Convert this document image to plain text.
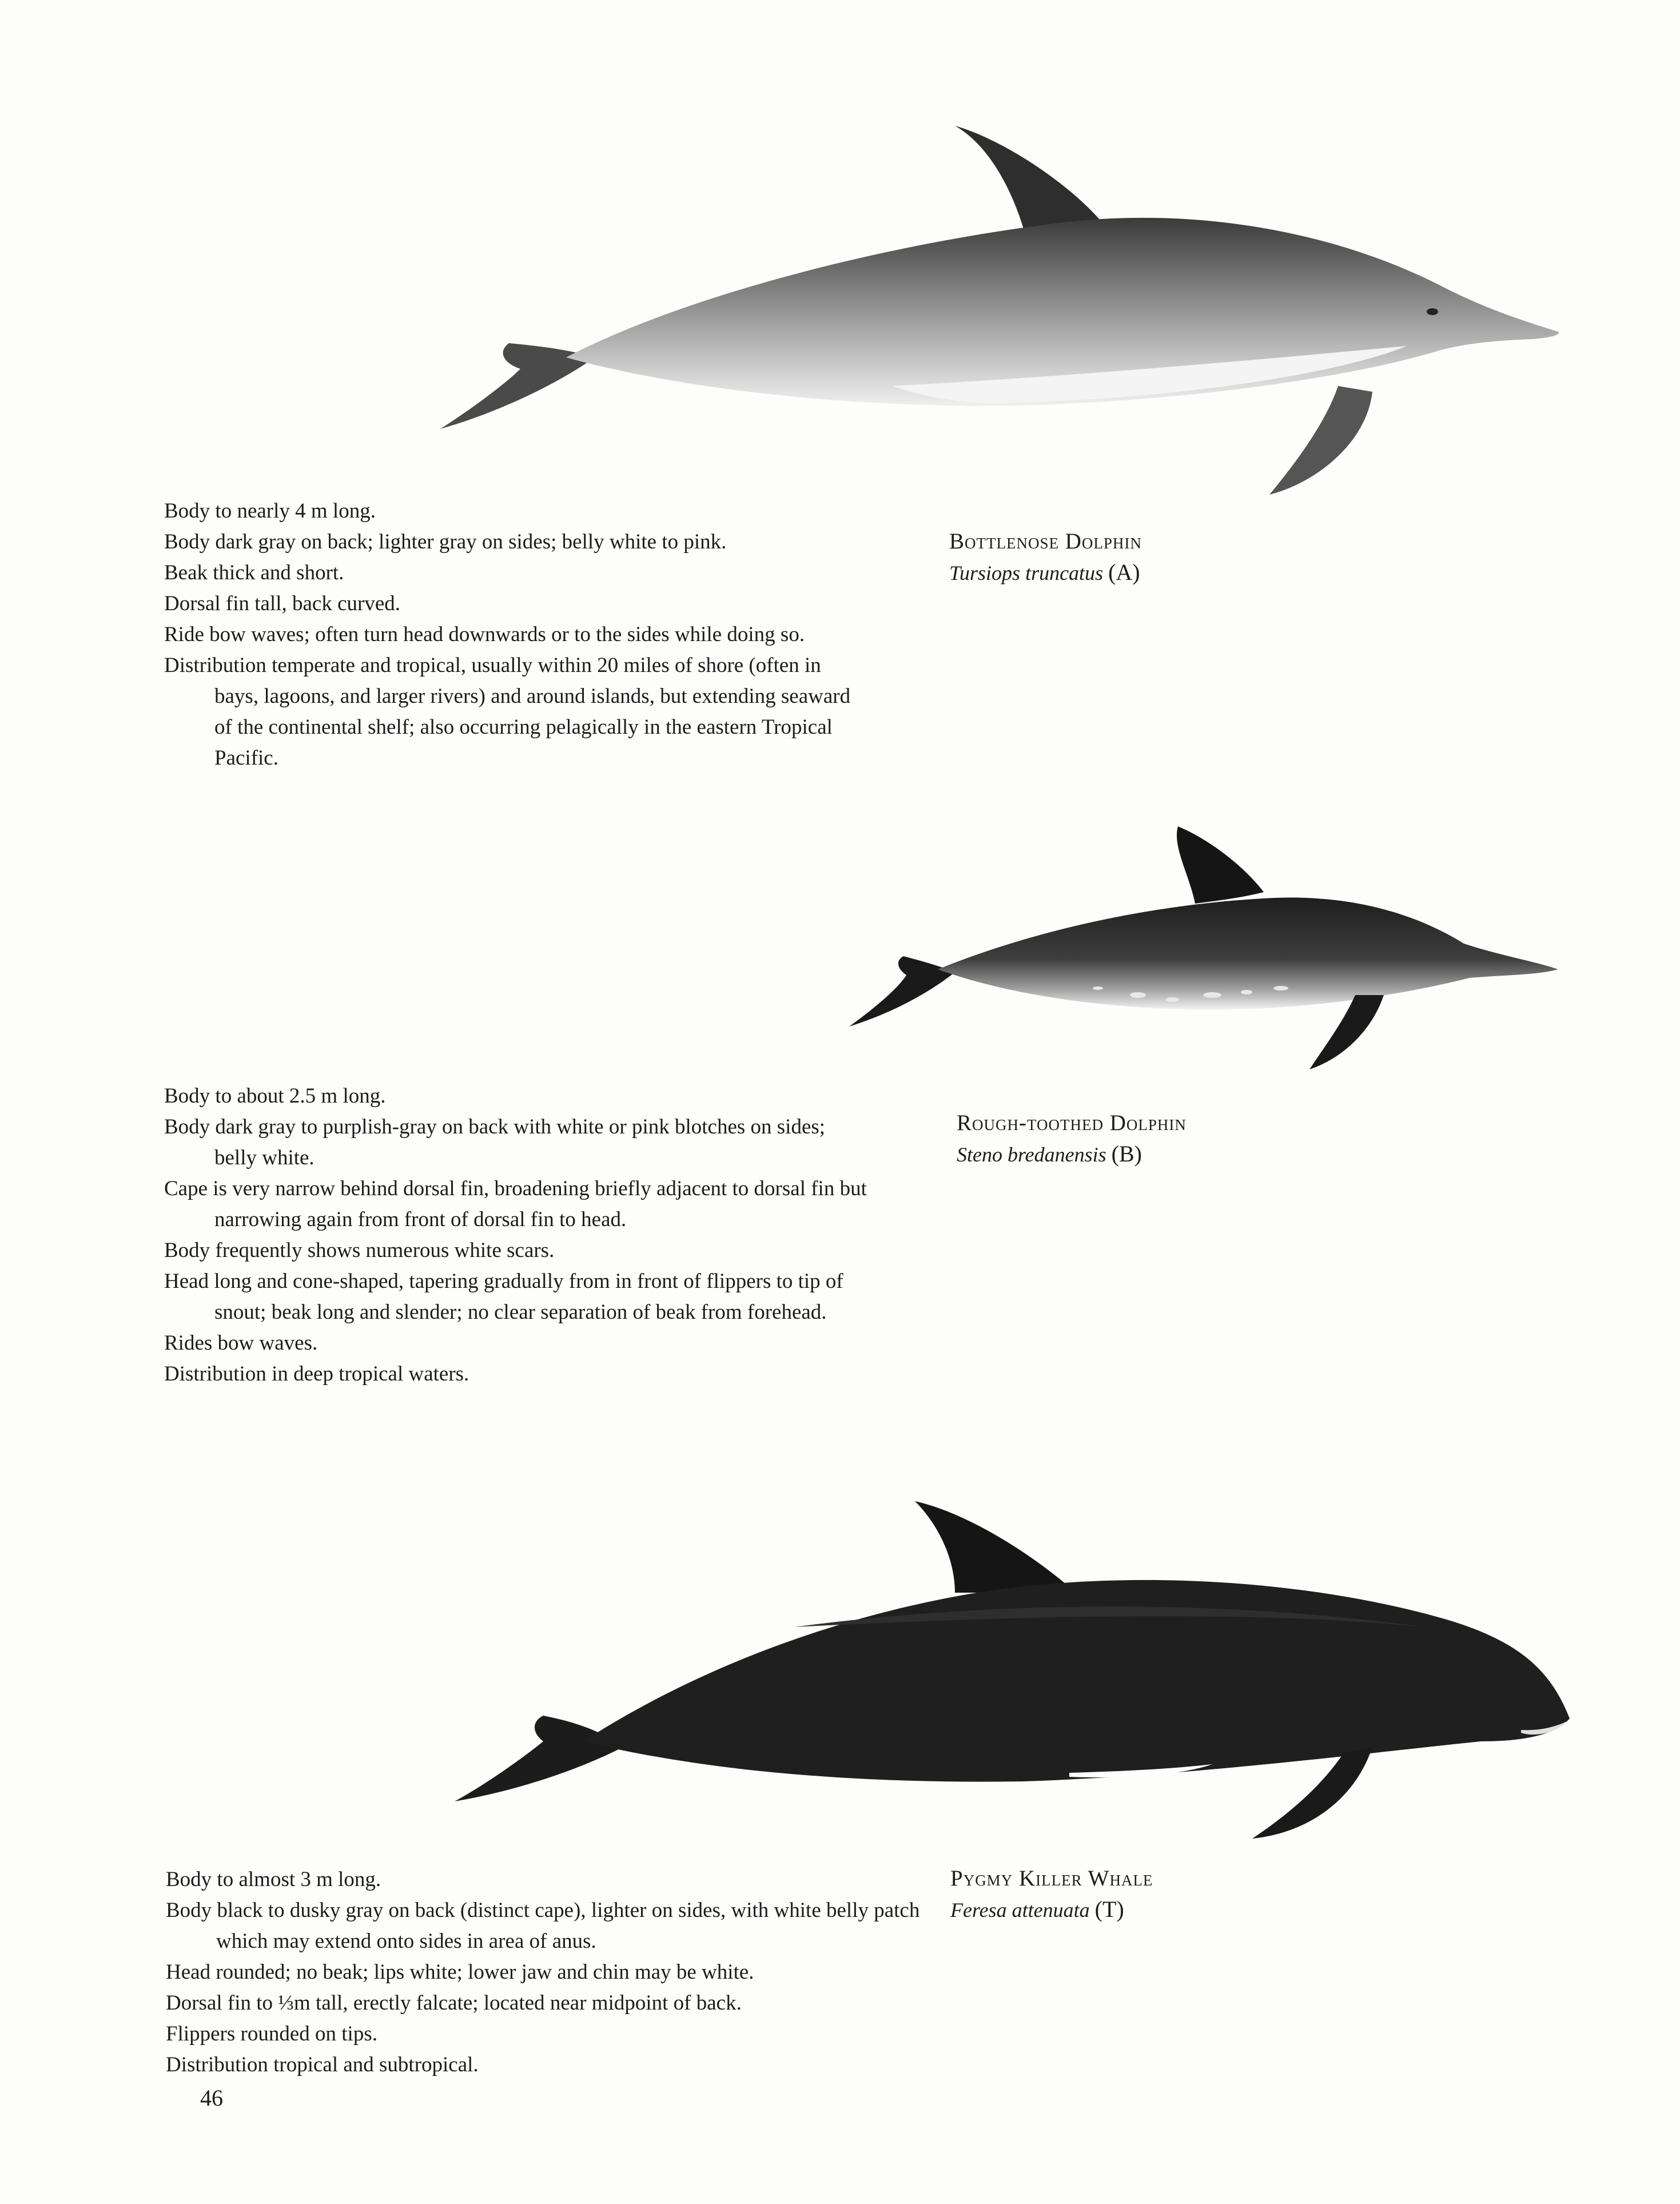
Body to nearly 4 m long.
Body dark gray on back; lighter gray on sides; belly white to pink.
Beak thick and short.
Dorsal fin tall, back curved.
Ride bow waves; often turn head downwards or to the sides while doing so.
Distribution temperate and tropical, usually within 20 miles of shore (often in bays, lagoons, and larger rivers) and around islands, but extending seaward of the continental shelf; also occurring pelagically in the eastern Tropical Pacific.
Bottlenose Dolphin
Tursiops truncatus (A)
Body to about 2.5 m long.
Body dark gray to purplish-gray on back with white or pink blotches on sides; belly white.
Cape is very narrow behind dorsal fin, broadening briefly adjacent to dorsal fin but narrowing again from front of dorsal fin to head.
Body frequently shows numerous white scars.
Head long and cone-shaped, tapering gradually from in front of flippers to tip of snout; beak long and slender; no clear separation of beak from forehead.
Rides bow waves.
Distribution in deep tropical waters.
Rough-toothed Dolphin
Steno bredanensis (B)
Body to almost 3 m long.
Body black to dusky gray on back (distinct cape), lighter on sides, with white belly patch which may extend onto sides in area of anus.
Head rounded; no beak; lips white; lower jaw and chin may be white.
Dorsal fin to ⅓m tall, erectly falcate; located near midpoint of back.
Flippers rounded on tips.
Distribution tropical and subtropical.
Pygmy Killer Whale
Feresa attenuata (T)
46
